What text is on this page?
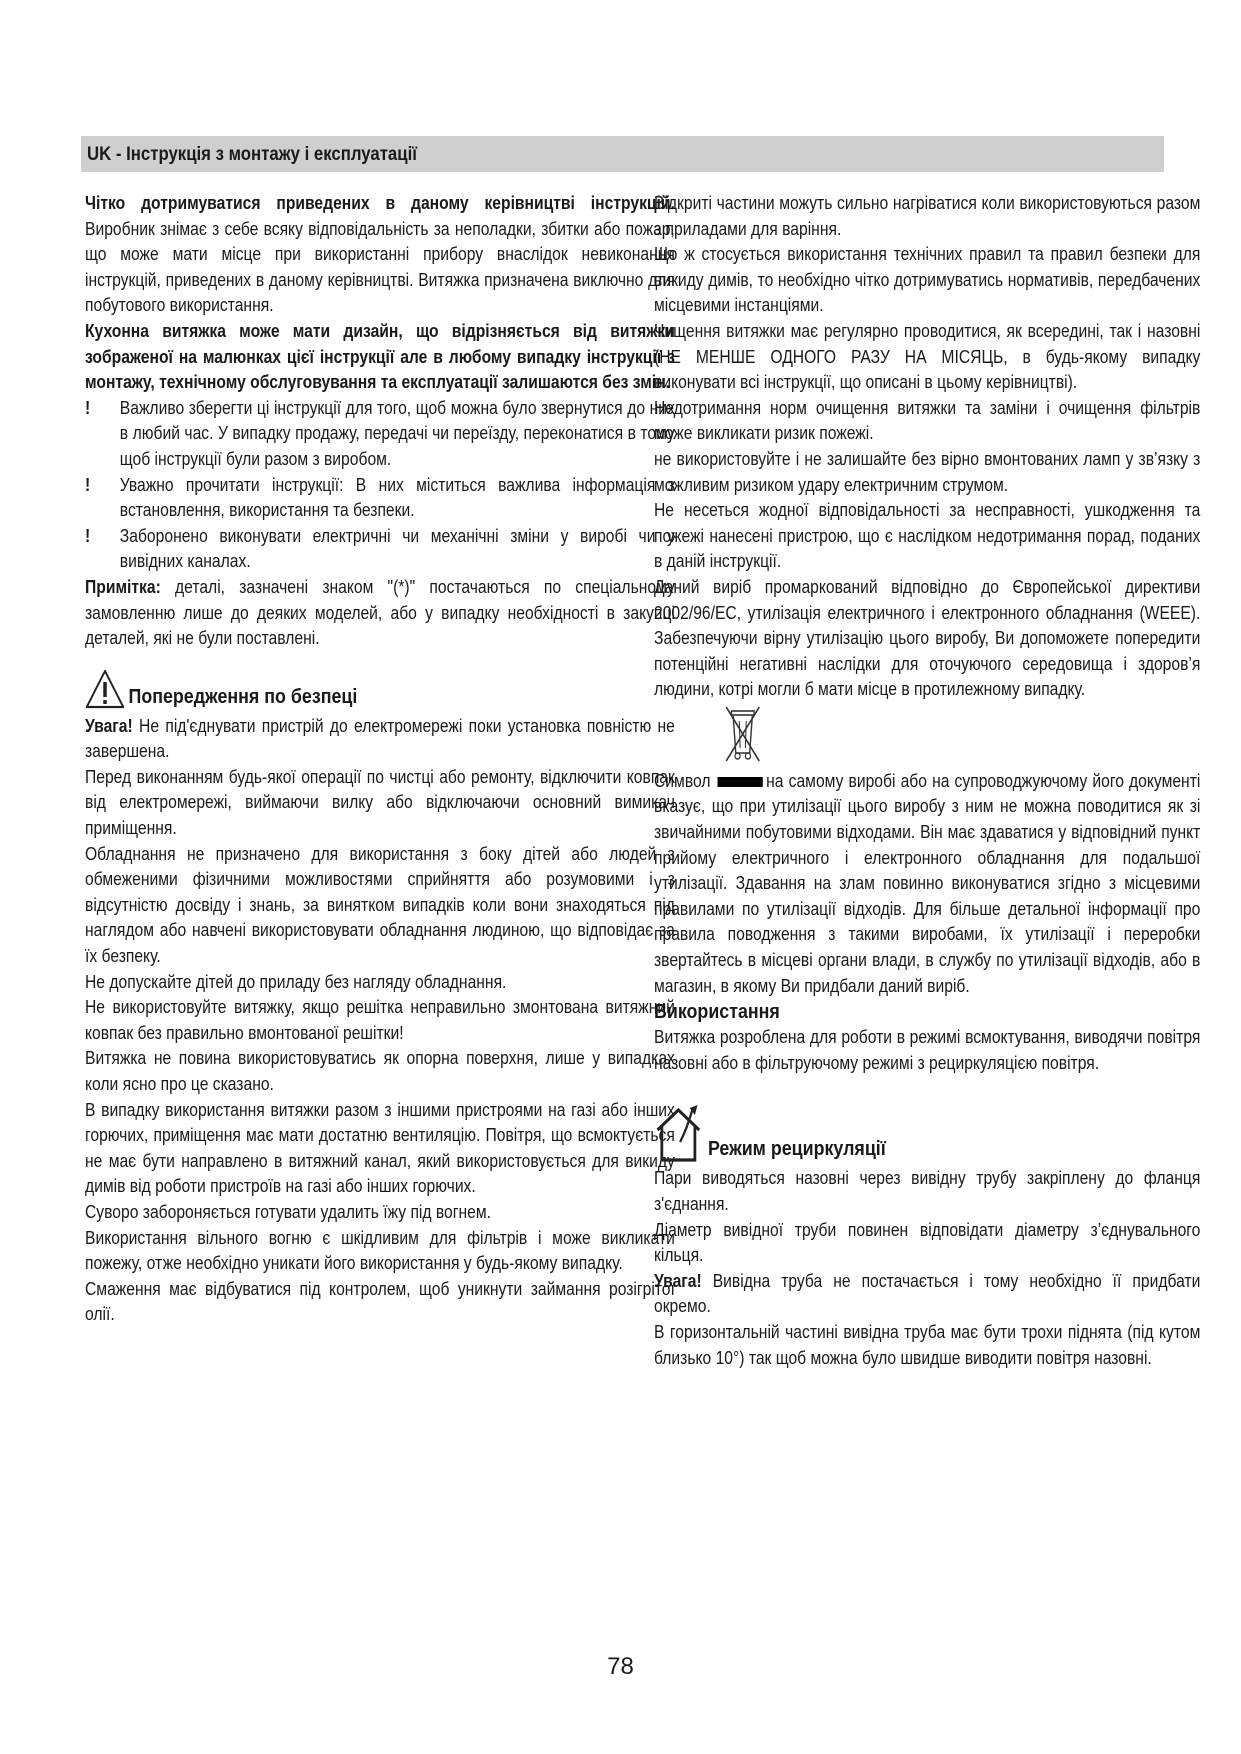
UK - Інструкція з монтажу і експлуатації

Чітко дотримуватися приведених в даному керівництві інструкцій. Виробник знімає з себе всяку відповідальність за неполадки, збитки або пожар, що може мати місце при використанні прибору внаслідок невиконання інструкцій, приведених в даному керівництві. Витяжка призначена виключно для побутового використання.

Кухонна витяжка може мати дизайн, що відрізняється від витяжки зображеної на малюнках цієї інструкції але в любому випадку інструкції з монтажу, технічному обслуговування та експлуатації залишаются без змін.

! Важливо зберегти ці інструкції для того, щоб можна було звернутися до них в любий час. У випадку продажу, передачі чи переїзду, переконатися в тому щоб інструкції були разом з виробом.

! Уважно прочитати інструкції: В них міститься важлива інформація з встановлення, використання та безпеки.

! Заборонено виконувати електричні чи механічні зміни у виробі чи у вивідних каналах.

Примітка: деталі, зазначені знаком "(*)" постачаються по спеціальному замовленню лише до деяких моделей, або у випадку необхідності в закупці деталей, які не були поставлені.

Попередження по безпеці

Увага! Не під'єднувати пристрій до електромережі поки установка повністю не завершена.

Перед виконанням будь-якої операції по чистці або ремонту, відключити ковпак від електромережі, виймаючи вилку або відключаючи основний вимикач приміщення.

Обладнання не призначено для використання з боку дітей або людей з обмеженими фізичними можливостями сприйняття або розумовими і з відсутністю досвіду і знань, за винятком випадків коли вони знаходяться під наглядом або навчені використовувати обладнання людиною, що відповідає за їх безпеку.

Не допускайте дітей до приладу без нагляду обладнання.

Не використовуйте витяжку, якщо решітка неправильно змонтована витяжний ковпак без правильно вмонтованої решітки!

Витяжка не повина використовуватись як опорна поверхня, лише у випадках коли ясно про це сказано.

В випадку використання витяжки разом з іншими пристроями на газі або інших горючих, приміщення має мати достатню вентиляцію. Повітря, що всмоктується не має бути направлено в витяжний канал, який використовується для викиду димів від роботи пристроїв на газі або інших горючих.

Суворо забороняється готувати удалить їжу під вогнем.

Використання вільного вогню є шкідливим для фільтрів і може викликати пожежу, отже необхідно уникати його використання у будь-якому випадку.

Смаження має відбуватися під контролем, щоб уникнути займання розігрітої олії.

Відкриті частини можуть сильно нагріватися коли використовуються разом з приладами для варіння.

Що ж стосується використання технічних правил та правил безпеки для викиду димів, то необхідно чітко дотримуватись нормативів, передбачених місцевими інстанціями.

Чищення витяжки має регулярно проводитися, як всередині, так і назовні (НЕ МЕНШЕ ОДНОГО РАЗУ НА МІСЯЦЬ, в будь-якому випадку виконувати всі інструкції, що описані в цьому керівництві).

Недотримання норм очищення витяжки та заміни і очищення фільтрів може викликати ризик пожежі.

не використовуйте і не залишайте без вірно вмонтованих ламп у зв’язку з можливим ризиком удару електричним струмом.

Не несеться жодної відповідальності за несправності, ушкодження та пожежі нанесені пристрою, що є наслідком недотримання порад, поданих в даній інструкції.

Даний виріб промаркований відповідно до Європейської директиви 2002/96/EC, утилізація електричного і електронного обладнання (WEEE). Забезпечуючи вірну утилізацію цього виробу, Ви допоможете попередити потенційні негативні наслідки для оточуючого середовища і здоров’я людини, котрі могли б мати місце в протилежному випадку.

Символ	на самому виробі або на супроводжуючому його документі вказує, що при утилізації цього виробу з ним не можна поводитися як зі звичайними побутовими відходами. Він має здаватися у відповідний пункт прийому електричного і електронного обладнання для подальшої утилізації. Здавання на злам повинно виконуватися згідно з місцевими правилами по утилізації відходів. Для більше детальної інформації про правила поводження з такими виробами, їх утилізації і переробки звертайтесь в місцеві органи влади, в службу по утилізації відходів, або в магазин, в якому Ви придбали даний виріб.

Використання

Витяжка розроблена для роботи в режимі всмоктування, виводячи повітря назовні або в фільтруючому режимі з рециркуляцією повітря.

Режим рециркуляції

Пари виводяться назовні через вивідну трубу закріплену до фланця з'єднання.

Діаметр вивідної труби повинен відповідати діаметру з’єднувального кільця.

Увага! Вивідна труба не постачається і тому необхідно її придбати окремо.

В горизонтальній частині вивідна труба має бути трохи піднята (під кутом близько 10°) так щоб можна було швидше виводити повітря назовні.

78
